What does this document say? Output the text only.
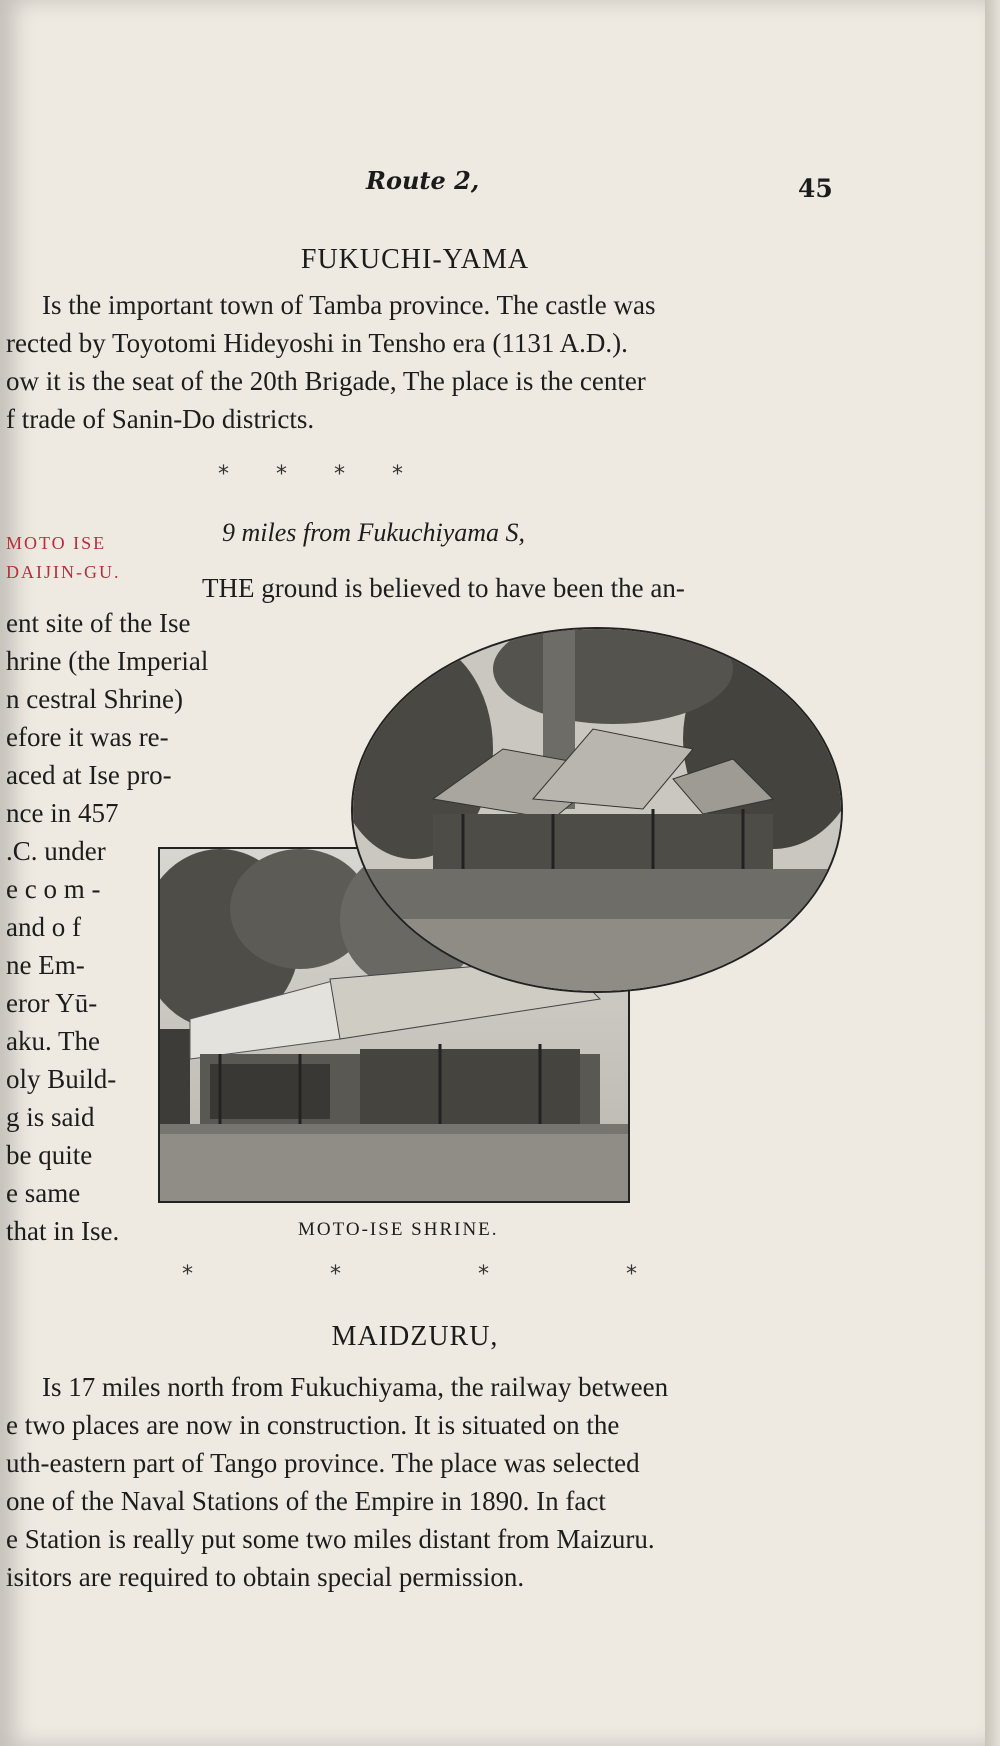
Route 2,	45
FUKUCHI-YAMA
Is the important town of Tamba province. The castle was
rected by Toyotomi Hideyoshi in Tensho era (1131 A.D.).
ow it is the seat of the 20th Brigade, The place is the center
f trade of Sanin-Do districts.
* * * *
MOTO ISE
DAIJIN-GU.
9 miles from Fukuchiyama S,
THE ground is believed to have been the an-
ent site of the Ise
hrine (the Imperial
n cestral Shrine)
efore it was re-
aced at Ise pro-
nce in 457
.C. under
e c o m -
and o f
ne Em-
eror Yū-
aku. The
oly Build-
g is said
be quite
e same
that in Ise.	MOTO-ISE SHRINE.
* * * *
MAIDZURU,
Is 17 miles north from Fukuchiyama, the railway between
e two places are now in construction. It is situated on the
uth-eastern part of Tango province. The place was selected
one of the Naval Stations of the Empire in 1890. In fact
e Station is really put some two miles distant from Maizuru.
isitors are required to obtain special permission.
